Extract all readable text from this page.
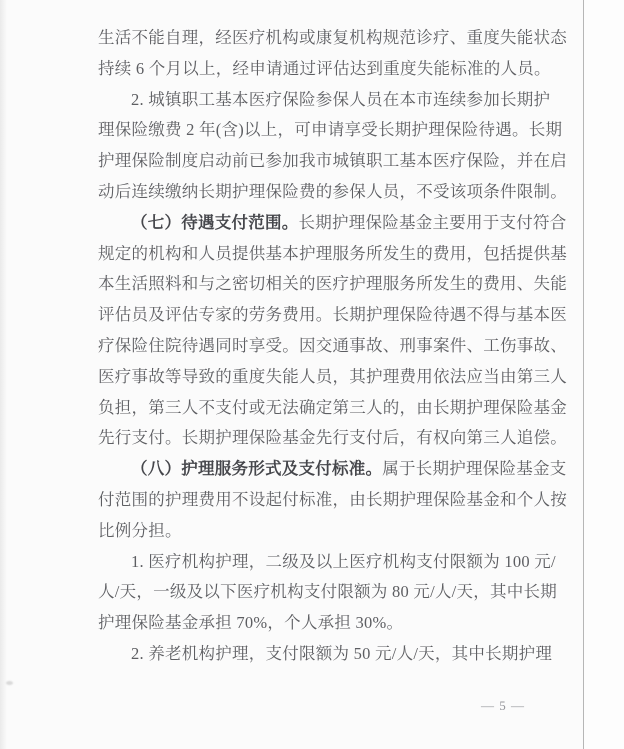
生活不能自理，经医疗机构或康复机构规范诊疗、重度失能状态
持续 6 个月以上，经申请通过评估达到重度失能标准的人员。
2. 城镇职工基本医疗保险参保人员在本市连续参加长期护
理保险缴费 2 年(含)以上，可申请享受长期护理保险待遇。长期
护理保险制度启动前已参加我市城镇职工基本医疗保险，并在启
动后连续缴纳长期护理保险费的参保人员，不受该项条件限制。
（七）待遇支付范围。长期护理保险基金主要用于支付符合
规定的机构和人员提供基本护理服务所发生的费用，包括提供基
本生活照料和与之密切相关的医疗护理服务所发生的费用、失能
评估员及评估专家的劳务费用。长期护理保险待遇不得与基本医
疗保险住院待遇同时享受。因交通事故、刑事案件、工伤事故、
医疗事故等导致的重度失能人员，其护理费用依法应当由第三人
负担，第三人不支付或无法确定第三人的，由长期护理保险基金
先行支付。长期护理保险基金先行支付后，有权向第三人追偿。
（八）护理服务形式及支付标准。属于长期护理保险基金支
付范围的护理费用不设起付标准，由长期护理保险基金和个人按
比例分担。
1. 医疗机构护理，二级及以上医疗机构支付限额为 100 元/
人/天，一级及以下医疗机构支付限额为 80 元/人/天，其中长期
护理保险基金承担 70%，个人承担 30%。
2. 养老机构护理，支付限额为 50 元/人/天，其中长期护理
— 5 —
